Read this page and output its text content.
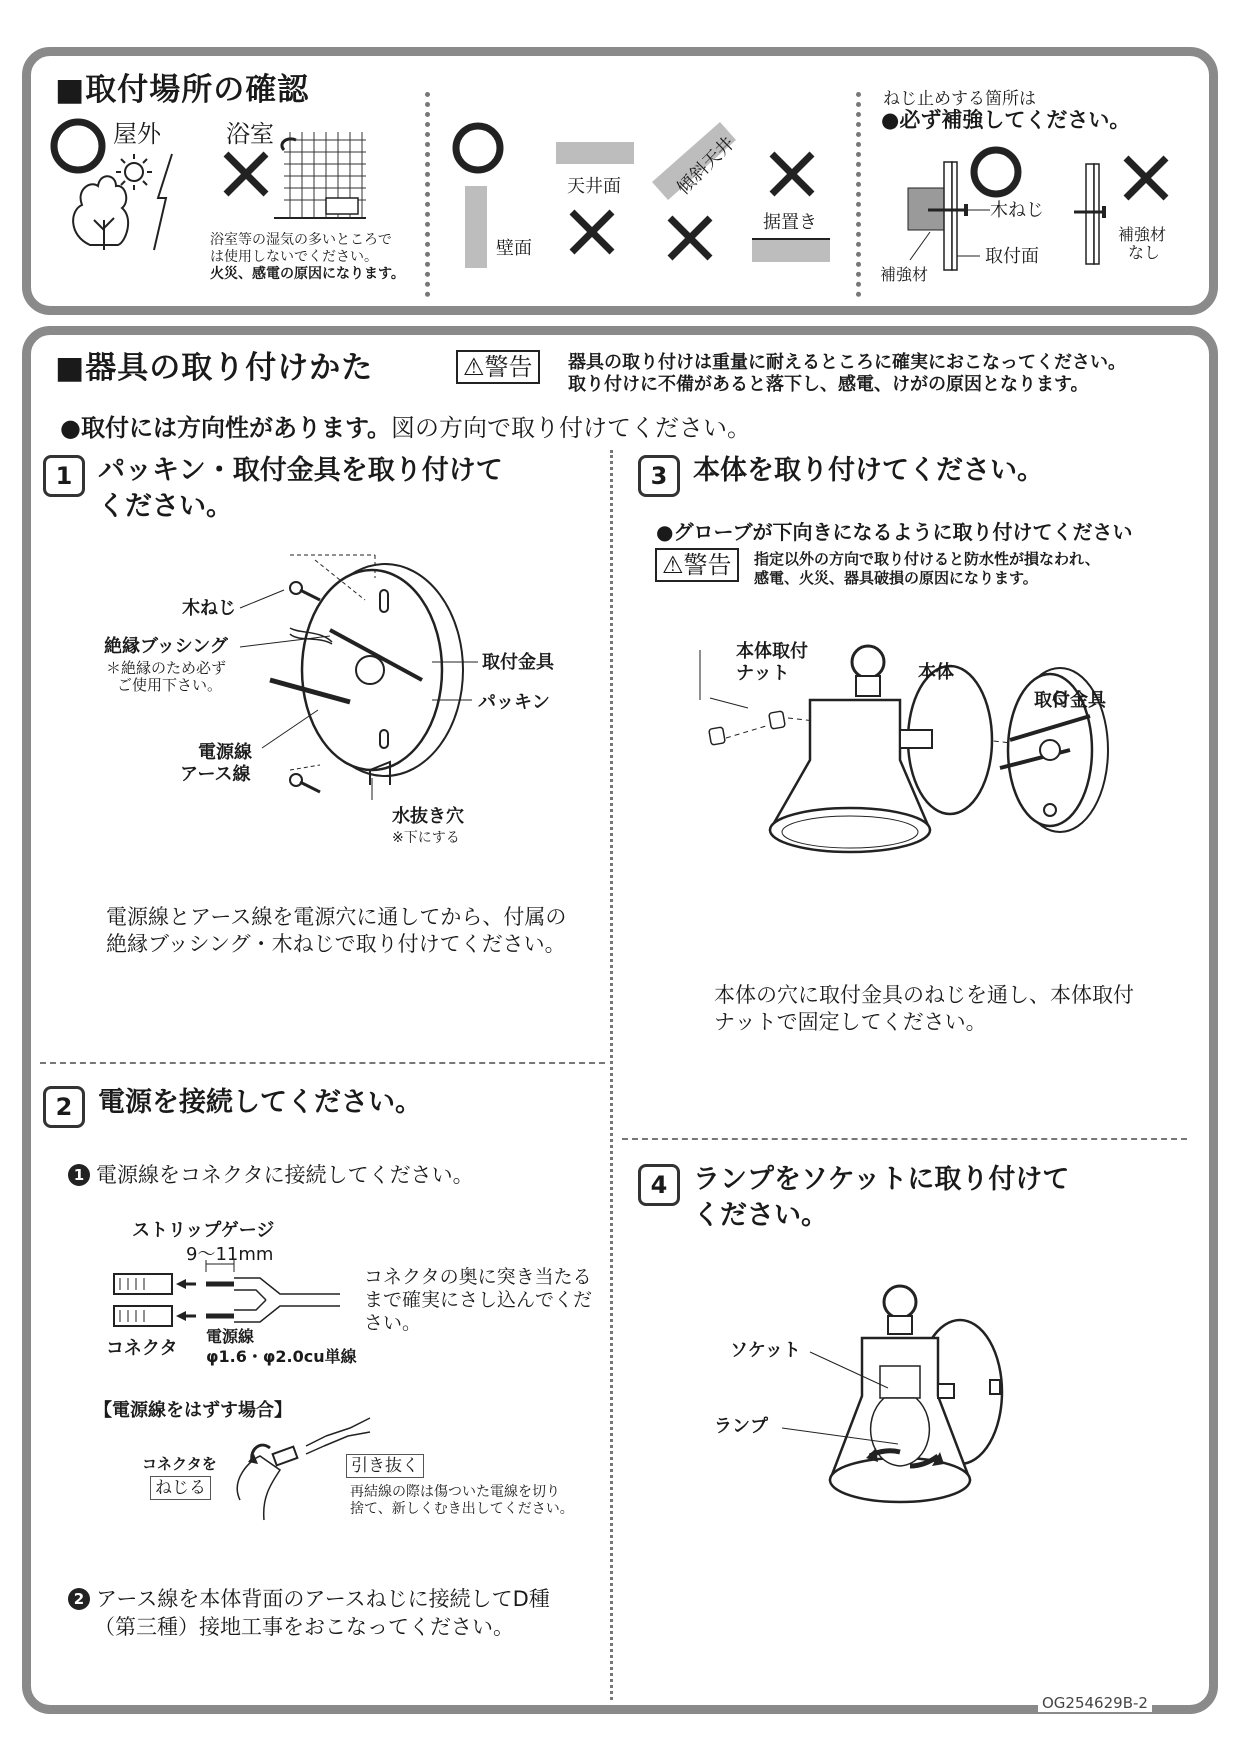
■取付場所の確認
屋外	浴室
浴室等の湿気の多いところで
は使用しないでください。
火災、感電の原因になります。
壁面
天井面	傾斜天井
据置き
ねじ止めする箇所は
●必ず補強してください。
木ねじ
取付面
補強材
補強材
なし
■器具の取り付けかた	⚠警告	器具の取り付けは重量に耐えるところに確実におこなってください。
取り付けに不備があると落下し、感電、けがの原因となります。
●取付には方向性があります。図の方向で取り付けてください。
1 パッキン・取付金具を取り付けて
ください。
木ねじ
絶縁ブッシング
＊絶縁のため必ず
ご使用下さい。
取付金具
パッキン
電源線
アース線
水抜き穴
※下にする
電源線とアース線を電源穴に通してから、付属の
絶縁ブッシング・木ねじで取り付けてください。
2 電源を接続してください。
1 電源線をコネクタに接続してください。
ストリップゲージ
9～11mm
コネクタの奥に突き当たる
まで確実にさし込んでくだ
さい。
コネクタ
電源線
φ1.6・φ2.0cu単線
【電源線をはずす場合】
コネクタを
ねじる
引き抜く
再結線の際は傷ついた電線を切り
捨て、新しくむき出してください。
2 アース線を本体背面のアースねじに接続してD種
（第三種）接地工事をおこなってください。
3 本体を取り付けてください。
●グローブが下向きになるように取り付けてください
⚠警告	指定以外の方向で取り付けると防水性が損なわれ、
感電、火災、器具破損の原因になります。
本体取付
ナット	本体
取付金具
本体の穴に取付金具のねじを通し、本体取付
ナットで固定してください。
4 ランプをソケットに取り付けて
ください。
ソケット
ランプ
OG254629B-2
